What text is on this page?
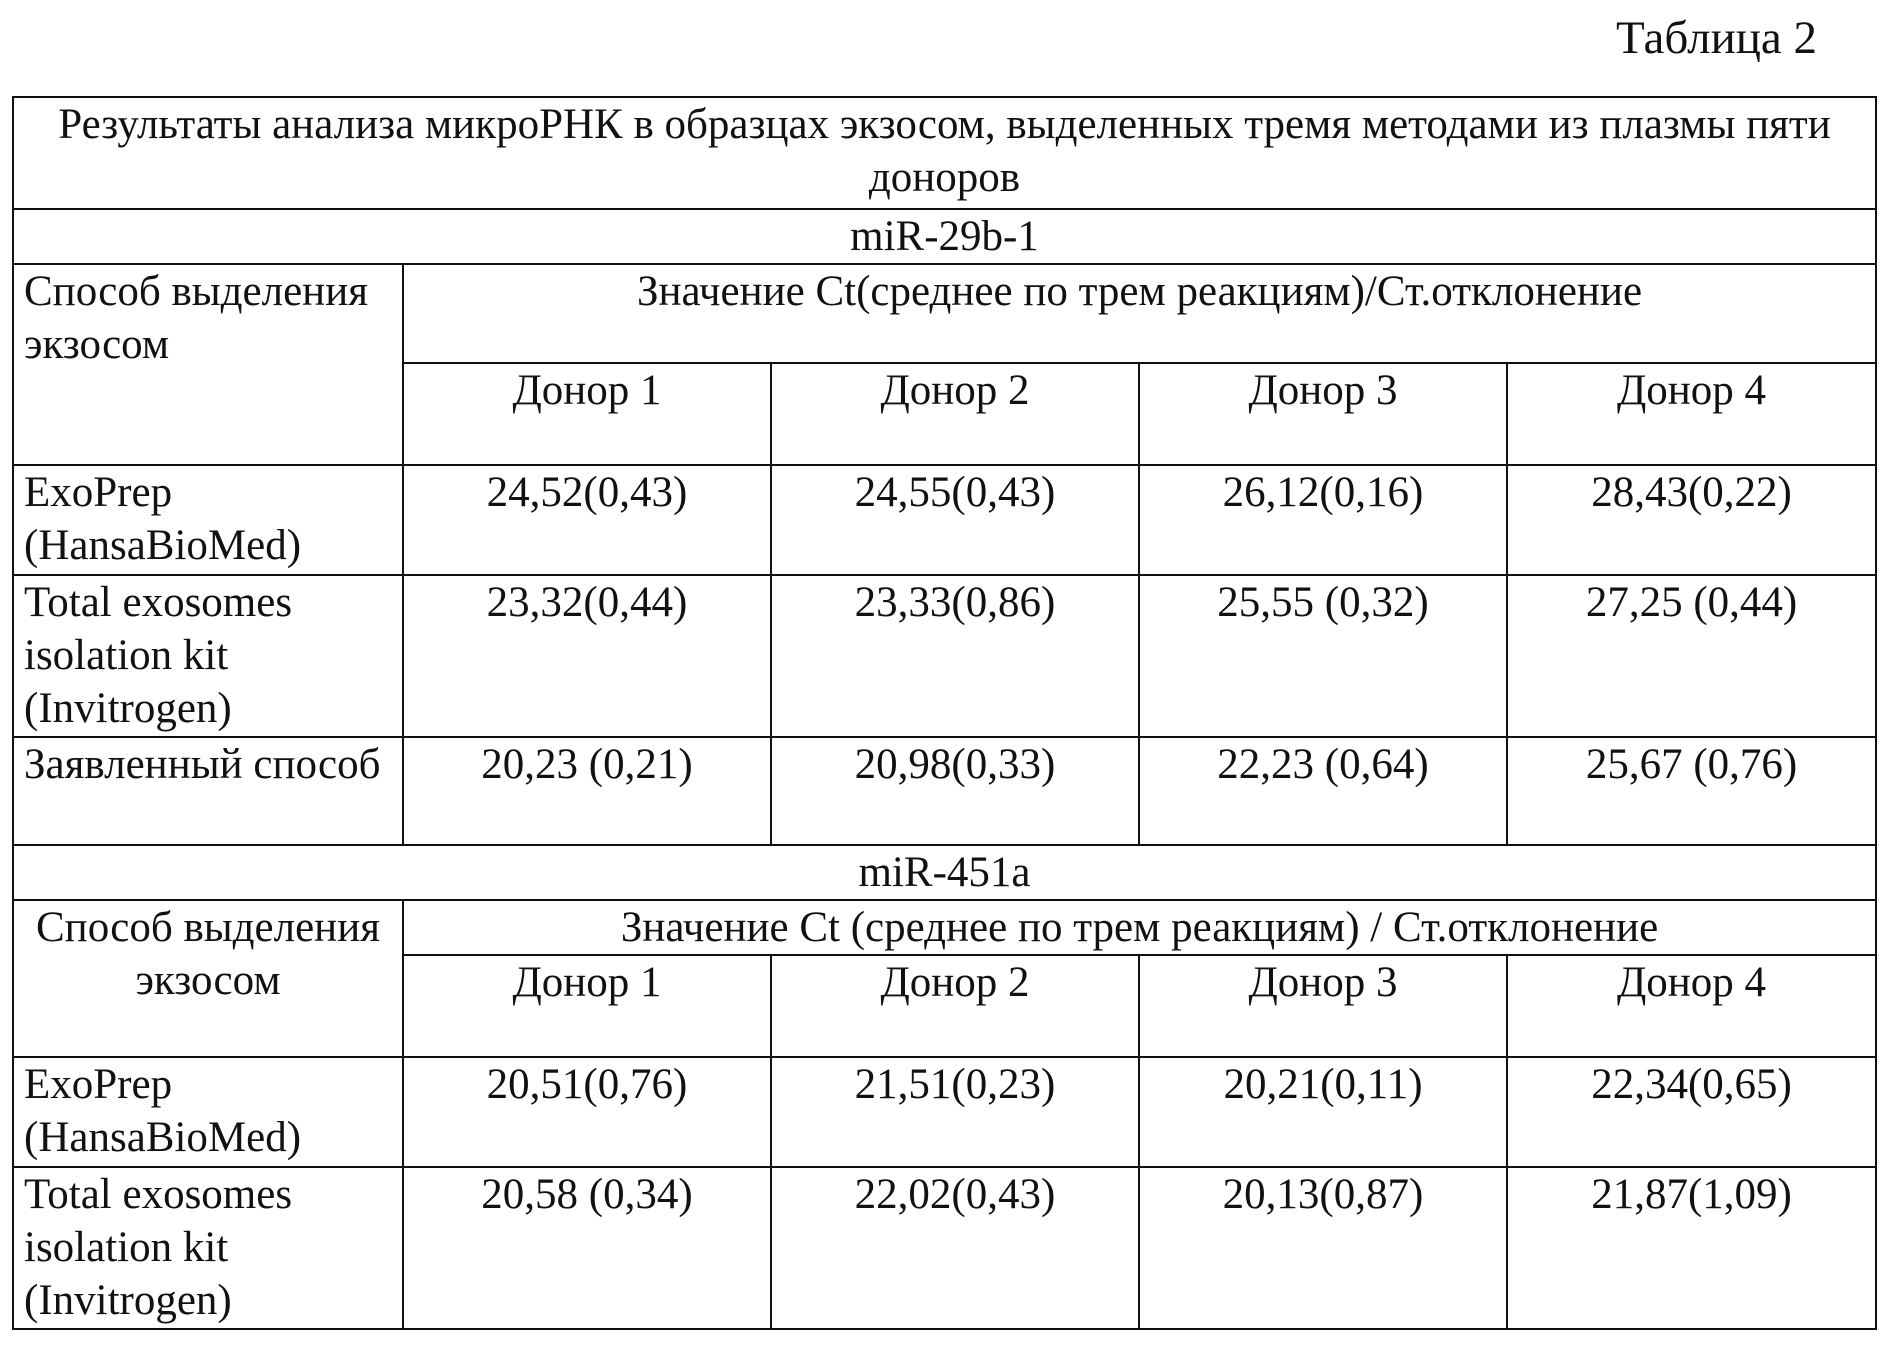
Таблица 2
Результаты анализа микроРНК в образцах экзосом, выделенных тремя методами из плазмы пяти доноров				
miR-29b-1				
Способ выделения экзосом	Значение Ct(среднее по трем реакциям)/Ст.отклонение			
	Донор 1	Донор 2	Донор 3	Донор 4
ExoPrep (HansaBioMed)	24,52(0,43)	24,55(0,43)	26,12(0,16)	28,43(0,22)
Total exosomes isolation kit (Invitrogen)	23,32(0,44)	23,33(0,86)	25,55 (0,32)	27,25 (0,44)
Заявленный способ	20,23 (0,21)	20,98(0,33)	22,23 (0,64)	25,67 (0,76)
miR-451a				
Способ выделения экзосом	Значение Ct (среднее по трем реакциям) / Ст.отклонение			
	Донор 1	Донор 2	Донор 3	Донор 4
ExoPrep (HansaBioMed)	20,51(0,76)	21,51(0,23)	20,21(0,11)	22,34(0,65)
Total exosomes isolation kit (Invitrogen)	20,58 (0,34)	22,02(0,43)	20,13(0,87)	21,87(1,09)
